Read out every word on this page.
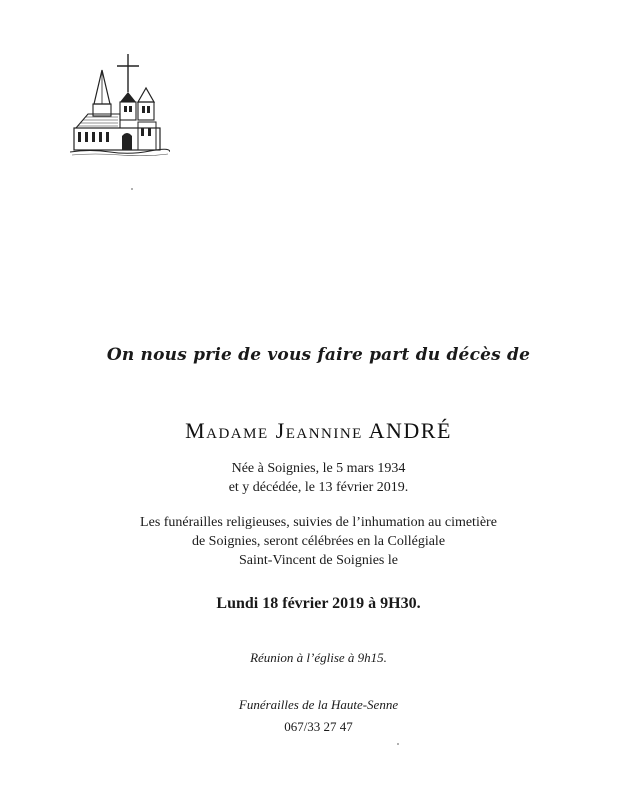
On nous prie de vous faire part du décès de
Madame Jeannine ANDRÉ
Née à Soignies, le 5 mars 1934
et y décédée, le 13 février 2019.
Les funérailles religieuses, suivies de l’inhumation au cimetière
de Soignies, seront célébrées en la Collégiale
Saint-Vincent de Soignies le
Lundi 18 février 2019 à 9H30.
Réunion à l’église à 9h15.
Funérailles de la Haute-Senne
067/33 27 47
